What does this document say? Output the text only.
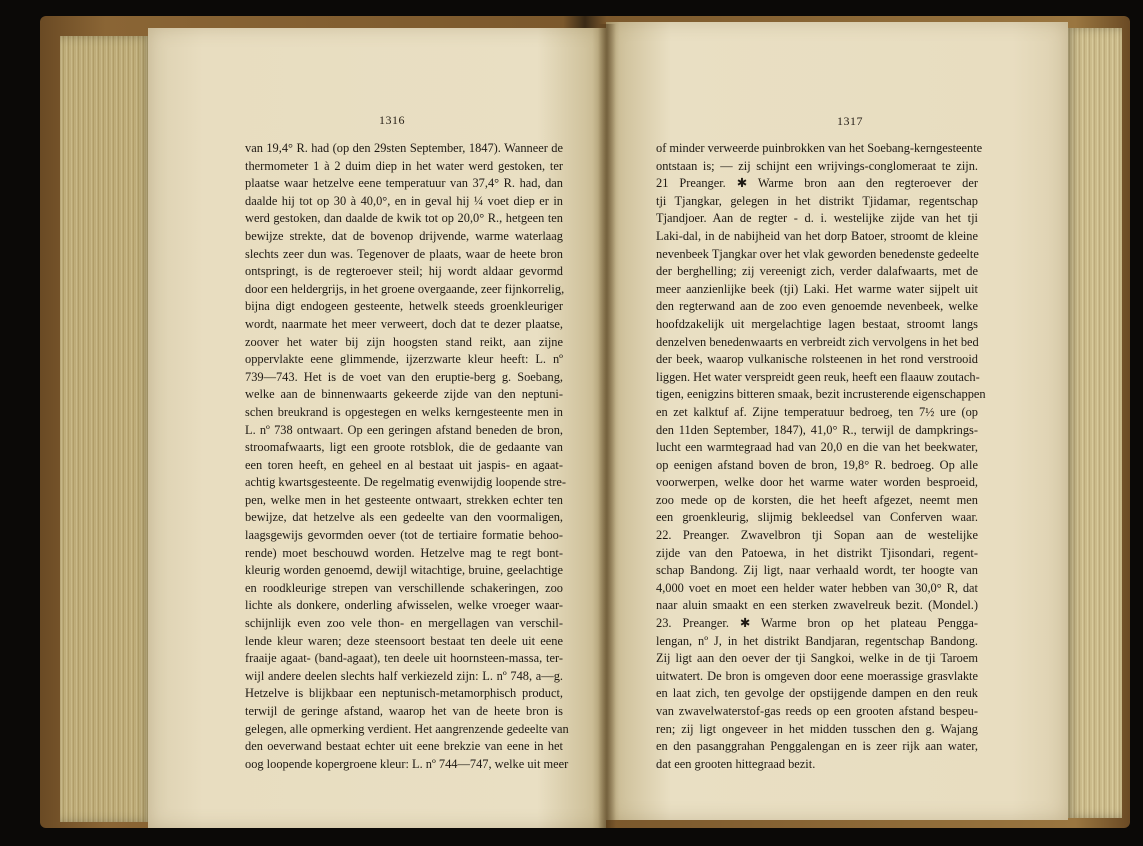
1316
van 19,4° R. had (op den 29sten September, 1847). Wanneer de
thermometer 1 à 2 duim diep in het water werd gestoken, ter
plaatse waar hetzelve eene temperatuur van 37,4° R. had, dan
daalde hij tot op 30 à 40,0°, en in geval hij ¼ voet diep er in
werd gestoken, dan daalde de kwik tot op 20,0° R., hetgeen ten
bewijze strekte, dat de bovenop drijvende, warme waterlaag
slechts zeer dun was. Tegenover de plaats, waar de heete bron
ontspringt, is de regteroever steil; hij wordt aldaar gevormd
door een heldergrijs, in het groene overgaande, zeer fijnkorrelig,
bijna digt endogeen gesteente, hetwelk steeds groenkleuriger
wordt, naarmate het meer verweert, doch dat te dezer plaatse,
zoover het water bij zijn hoogsten stand reikt, aan zijne
oppervlakte eene glimmende, ijzerzwarte kleur heeft: L. nº
739—743. Het is de voet van den eruptie-berg g. Soebang,
welke aan de binnenwaarts gekeerde zijde van den neptuni-
schen breukrand is opgestegen en welks kerngesteente men in
L. nº 738 ontwaart. Op een geringen afstand beneden de bron,
stroomafwaarts, ligt een groote rotsblok, die de gedaante van
een toren heeft, en geheel en al bestaat uit jaspis- en agaat-
achtig kwartsgesteente. De regelmatig evenwijdig loopende stre-
pen, welke men in het gesteente ontwaart, strekken echter ten
bewijze, dat hetzelve als een gedeelte van den voormaligen,
laagsgewijs gevormden oever (tot de tertiaire formatie behoo-
rende) moet beschouwd worden. Hetzelve mag te regt bont-
kleurig worden genoemd, dewijl witachtige, bruine, geelachtige
en roodkleurige strepen van verschillende schakeringen, zoo
lichte als donkere, onderling afwisselen, welke vroeger waar-
schijnlijk even zoo vele thon- en mergellagen van verschil-
lende kleur waren; deze steensoort bestaat ten deele uit eene
fraaije agaat- (band-agaat), ten deele uit hoornsteen-massa, ter-
wijl andere deelen slechts half verkiezeld zijn: L. nº 748, a—g.
Hetzelve is blijkbaar een neptunisch-metamorphisch product,
terwijl de geringe afstand, waarop het van de heete bron is
gelegen, alle opmerking verdient. Het aangrenzende gedeelte van
den oeverwand bestaat echter uit eene brekzie van eene in het
oog loopende kopergroene kleur: L. nº 744—747, welke uit meer
1317
of minder verweerde puinbrokken van het Soebang-kerngesteente
ontstaan is; — zij schijnt een wrijvings-conglomeraat te zijn.
21 Preanger. ✱ Warme bron aan den regteroever der
tji Tjangkar, gelegen in het distrikt Tjidamar, regentschap
Tjandjoer. Aan de regter - d. i. westelijke zijde van het tji
Laki-dal, in de nabijheid van het dorp Batoer, stroomt de kleine
nevenbeek Tjangkar over het vlak geworden benedenste gedeelte
der berghelling; zij vereenigt zich, verder dalafwaarts, met de
meer aanzienlijke beek (tji) Laki. Het warme water sijpelt uit
den regterwand aan de zoo even genoemde nevenbeek, welke
hoofdzakelijk uit mergelachtige lagen bestaat, stroomt langs
denzelven benedenwaarts en verbreidt zich vervolgens in het bed
der beek, waarop vulkanische rolsteenen in het rond verstrooid
liggen. Het water verspreidt geen reuk, heeft een flaauw zoutach-
tigen, eenigzins bitteren smaak, bezit incrusterende eigenschappen
en zet kalktuf af. Zijne temperatuur bedroeg, ten 7½ ure (op
den 11den September, 1847), 41,0° R., terwijl de dampkrings-
lucht een warmtegraad had van 20,0 en die van het beekwater,
op eenigen afstand boven de bron, 19,8° R. bedroeg. Op alle
voorwerpen, welke door het warme water worden besproeid,
zoo mede op de korsten, die het heeft afgezet, neemt men
een groenkleurig, slijmig bekleedsel van Conferven waar.
22. Preanger. Zwavelbron tji Sopan aan de westelijke
zijde van den Patoewa, in het distrikt Tjisondari, regent-
schap Bandong. Zij ligt, naar verhaald wordt, ter hoogte van
4,000 voet en moet een helder water hebben van 30,0° R, dat
naar aluin smaakt en een sterken zwavelreuk bezit. (Mondel.)
23. Preanger. ✱ Warme bron op het plateau Pengga-
lengan, nº J, in het distrikt Bandjaran, regentschap Bandong.
Zij ligt aan den oever der tji Sangkoi, welke in de tji Taroem
uitwatert. De bron is omgeven door eene moerassige grasvlakte
en laat zich, ten gevolge der opstijgende dampen en den reuk
van zwavelwaterstof-gas reeds op een grooten afstand bespeu-
ren; zij ligt ongeveer in het midden tusschen den g. Wajang
en den pasanggrahan Penggalengan en is zeer rijk aan water,
dat een grooten hittegraad bezit.
